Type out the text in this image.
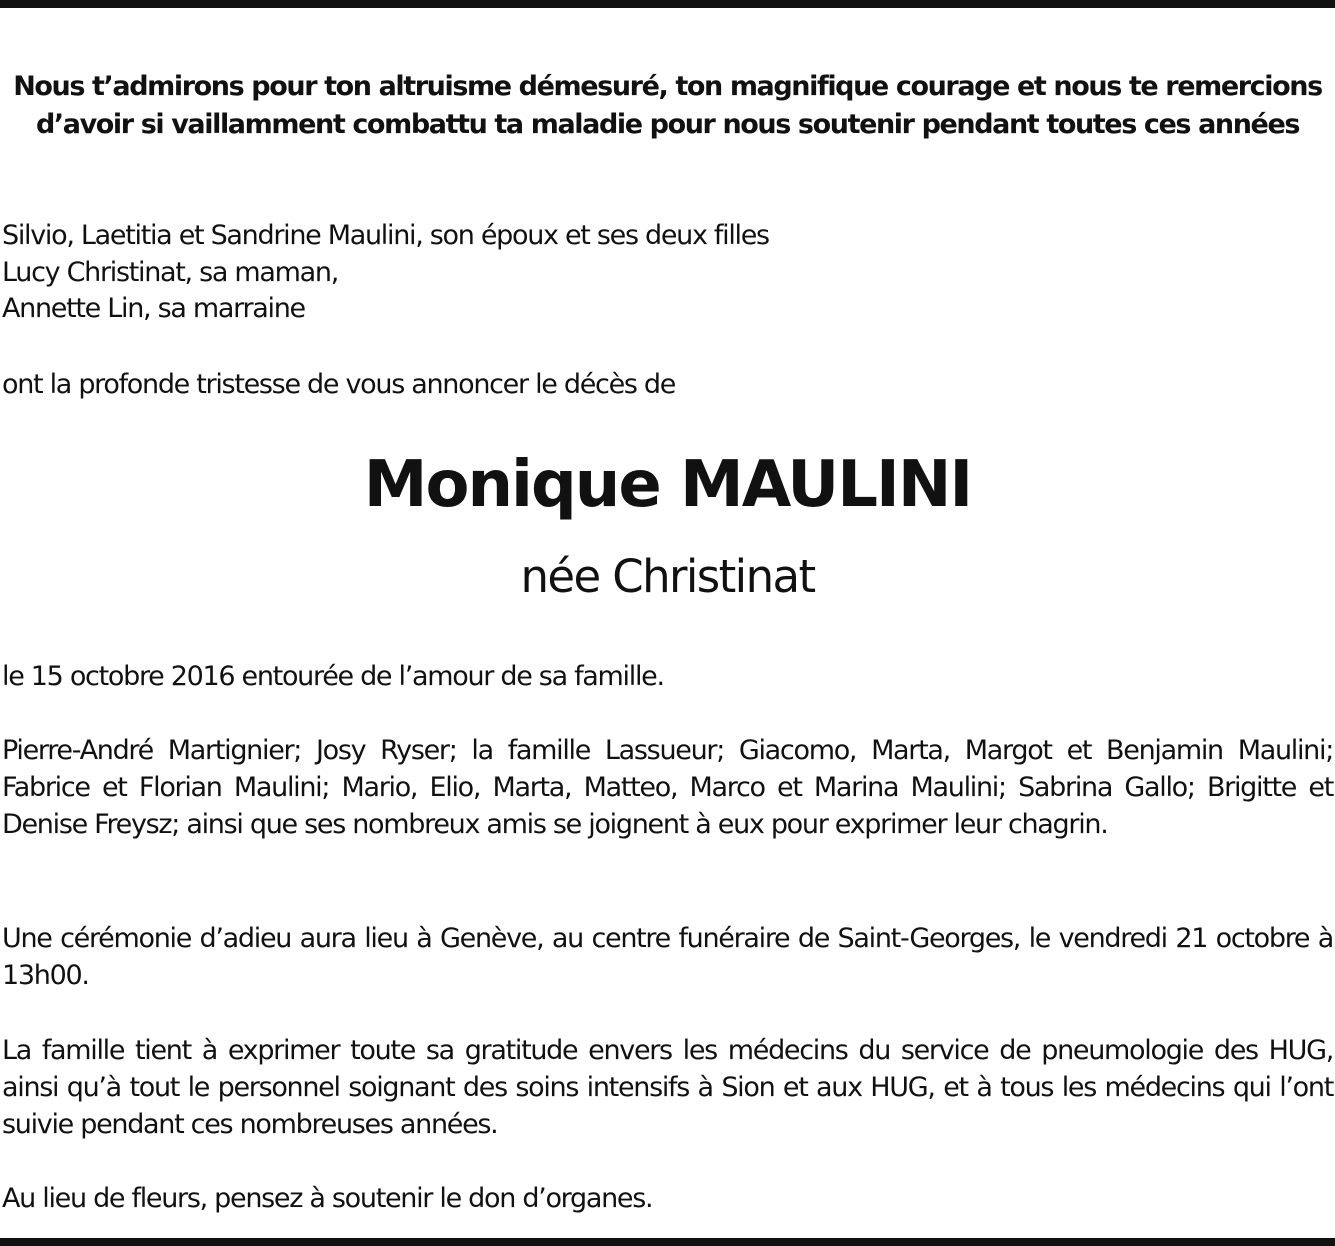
Nous t’admirons pour ton altruisme démesuré, ton magnifique courage et nous te remercions d’avoir si vaillamment combattu ta maladie pour nous soutenir pendant toutes ces années

Silvio, Laetitia et Sandrine Maulini, son époux et ses deux filles
Lucy Christinat, sa maman,
Annette Lin, sa marraine

ont la profonde tristesse de vous annoncer le décès de

Monique MAULINI
née Christinat

le 15 octobre 2016 entourée de l’amour de sa famille.

Pierre-André Martignier; Josy Ryser; la famille Lassueur; Giacomo, Marta, Margot et Benjamin Maulini; Fabrice et Florian Maulini; Mario, Elio, Marta, Matteo, Marco et Marina Maulini; Sabrina Gallo; Brigitte et Denise Freysz; ainsi que ses nombreux amis se joignent à eux pour exprimer leur chagrin.

Une cérémonie d’adieu aura lieu à Genève, au centre funéraire de Saint-Georges, le vendredi 21 octobre à 13h00.

La famille tient à exprimer toute sa gratitude envers les médecins du service de pneumologie des HUG, ainsi qu’à tout le personnel soignant des soins intensifs à Sion et aux HUG, et à tous les médecins qui l’ont suivie pendant ces nombreuses années.

Au lieu de fleurs, pensez à soutenir le don d’organes.
